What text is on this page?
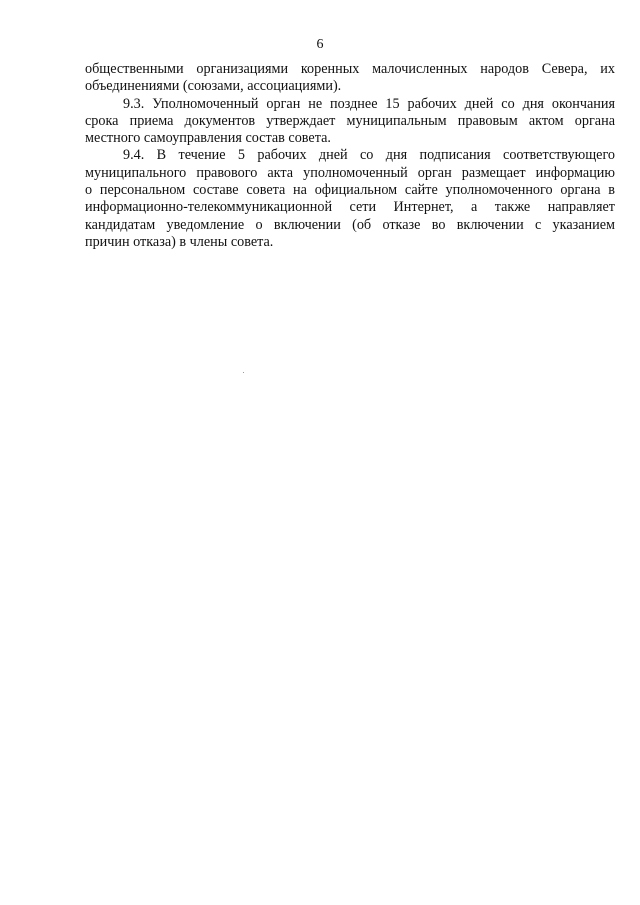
6

общественными организациями коренных малочисленных народов Севера, их
объединениями (союзами, ассоциациями).

9.3. Уполномоченный орган не позднее 15 рабочих дней со дня окончания
срока приема документов утверждает муниципальным правовым актом органа
местного самоуправления состав совета.

9.4. В течение 5 рабочих дней со дня подписания соответствующего
муниципального правового акта уполномоченный орган размещает информацию
о персональном составе совета на официальном сайте уполномоченного органа в
информационно-телекоммуникационной сети Интернет, а также направляет
кандидатам уведомление о включении (об отказе во включении с указанием
причин отказа) в члены совета.
